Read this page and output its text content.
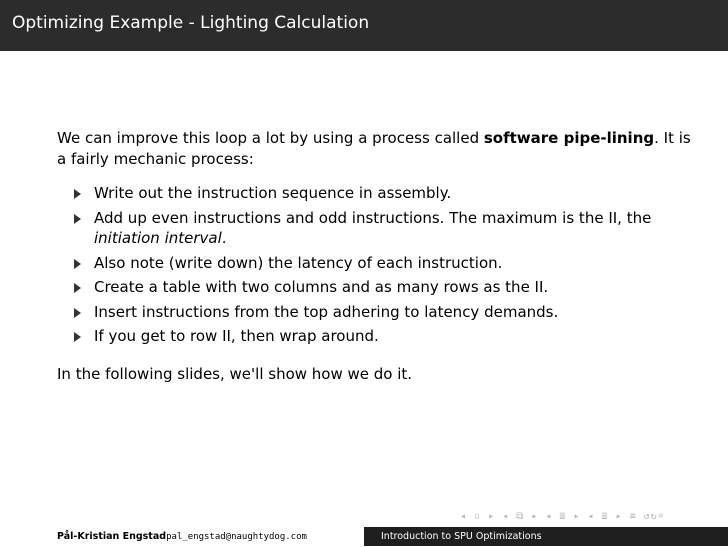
Optimizing Example - Lighting Calculation

We can improve this loop a lot by using a process called software pipe-lining. It is a fairly mechanic process:

Write out the instruction sequence in assembly.
Add up even instructions and odd instructions. The maximum is the II, the initiation interval.
Also note (write down) the latency of each instruction.
Create a table with two columns and as many rows as the II.
Insert instructions from the top adhering to latency demands.
If you get to row II, then wrap around.

In the following slides, we'll show how we do it.

◂ ▫ ▸ ◂ ⧉ ▸ ◂ ≣ ▸ ◂ ≣ ▸ ≡ ↺↻⌕
Pål-Kristian Engstadpal_engstad@naughtydog.com	Introduction to SPU Optimizations
